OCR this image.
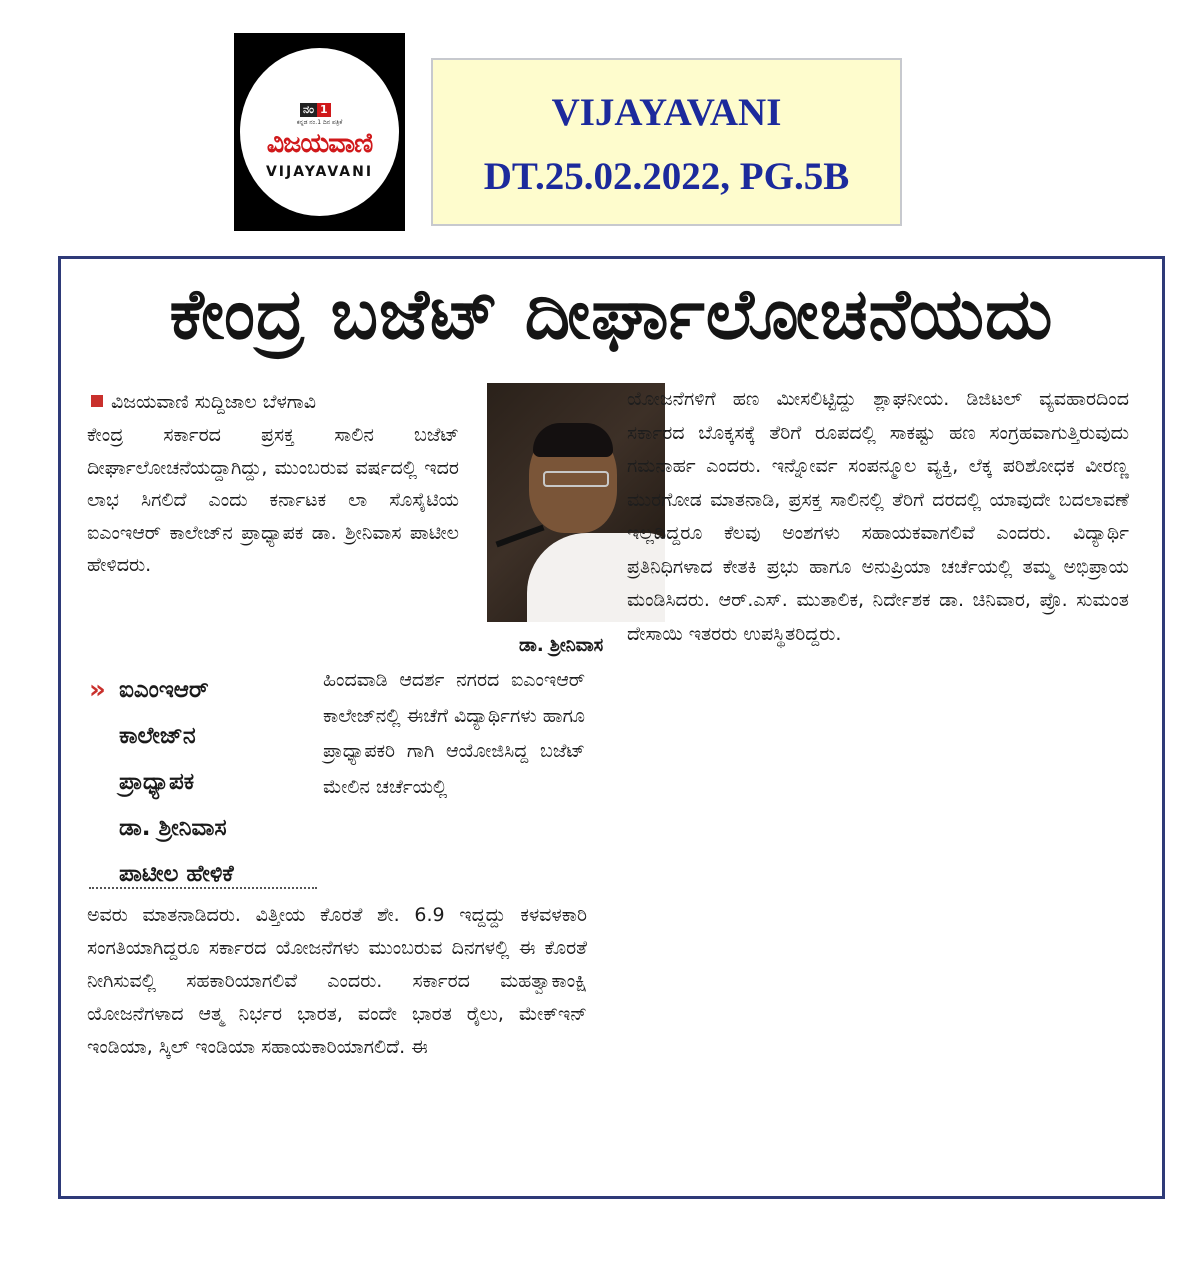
ನಂ 1
ಕನ್ನಡ ನಂ.1 ದಿನ ಪತ್ರಿಕೆ
ವಿಜಯವಾಣಿ
VIJAYAVANI
VIJAYAVANI
DT.25.02.2022, PG.5B
ಕೇಂದ್ರ ಬಜೆಟ್ ದೀರ್ಘಾಲೋಚನೆಯದು
ವಿಜಯವಾಣಿ ಸುದ್ದಿಜಾಲ ಬೆಳಗಾವಿ

ಕೇಂದ್ರ ಸರ್ಕಾರದ ಪ್ರಸಕ್ತ ಸಾಲಿನ ಬಜೆಟ್ ದೀರ್ಘಾಲೋಚನೆಯದ್ದಾಗಿದ್ದು, ಮುಂಬರುವ ವರ್ಷದಲ್ಲಿ ಇದರ ಲಾಭ ಸಿಗಲಿದೆ ಎಂದು ಕರ್ನಾಟಕ ಲಾ ಸೊಸೈಟಿಯ ಐಎಂಇಆರ್ ಕಾಲೇಜ್‌ನ ಪ್ರಾಧ್ಯಾಪಕ ಡಾ. ಶ್ರೀನಿವಾಸ ಪಾಟೀಲ ಹೇಳಿದರು.

ಡಾ. ಶ್ರೀನಿವಾಸ
» ಐಎಂಇಆರ್
ಕಾಲೇಜ್‌ನ
ಪ್ರಾಧ್ಯಾಪಕ
ಡಾ. ಶ್ರೀನಿವಾಸ
ಪಾಟೀಲ ಹೇಳಿಕೆ

ಹಿಂದವಾಡಿ ಆದರ್ಶ ನಗರದ ಐಎಂಇಆರ್ ಕಾಲೇಜ್‌ನಲ್ಲಿ ಈಚೆಗೆ ವಿದ್ಯಾರ್ಥಿಗಳು ಹಾಗೂ ಪ್ರಾಧ್ಯಾಪಕರಿ ಗಾಗಿ ಆಯೋಜಿಸಿದ್ದ ಬಜೆಟ್ ಮೇಲಿನ ಚರ್ಚೆಯಲ್ಲಿ

ಅವರು ಮಾತನಾಡಿದರು. ವಿತ್ತೀಯ ಕೊರತೆ ಶೇ. 6.9 ಇದ್ದದ್ದು ಕಳವಳಕಾರಿ ಸಂಗತಿಯಾಗಿದ್ದರೂ ಸರ್ಕಾರದ ಯೋಜನೆಗಳು ಮುಂಬರುವ ದಿನಗಳಲ್ಲಿ ಈ ಕೊರತೆ ನೀಗಿಸುವಲ್ಲಿ ಸಹಕಾರಿಯಾಗಲಿವೆ ಎಂದರು. ಸರ್ಕಾರದ ಮಹತ್ವಾಕಾಂಕ್ಷಿ ಯೋಜನೆಗಳಾದ ಆತ್ಮ ನಿರ್ಭರ ಭಾರತ, ವಂದೇ ಭಾರತ ರೈಲು, ಮೇಕ್‌ಇನ್ ಇಂಡಿಯಾ, ಸ್ಕಿಲ್ ಇಂಡಿಯಾ ಸಹಾಯಕಾರಿಯಾಗಲಿದೆ. ಈ

ಯೋಜನೆಗಳಿಗೆ ಹಣ ಮೀಸಲಿಟ್ಟಿದ್ದು ಶ್ಲಾಘನೀಯ. ಡಿಜಿಟಲ್ ವ್ಯವಹಾರದಿಂದ ಸರ್ಕಾರದ ಬೊಕ್ಕಸಕ್ಕೆ ತೆರಿಗೆ ರೂಪದಲ್ಲಿ ಸಾಕಷ್ಟು ಹಣ ಸಂಗ್ರಹವಾಗುತ್ತಿರುವುದು ಗಮನಾರ್ಹ ಎಂದರು. ಇನ್ನೋರ್ವ ಸಂಪನ್ಮೂಲ ವ್ಯಕ್ತಿ, ಲೆಕ್ಕ ಪರಿಶೋಧಕ ವೀರಣ್ಣ ಮುರಗೋಡ ಮಾತನಾಡಿ, ಪ್ರಸಕ್ತ ಸಾಲಿನಲ್ಲಿ ತೆರಿಗೆ ದರದಲ್ಲಿ ಯಾವುದೇ ಬದಲಾವಣೆ ಇಲ್ಲದಿದ್ದರೂ ಕೆಲವು ಅಂಶಗಳು ಸಹಾಯಕವಾಗಲಿವೆ ಎಂದರು. ವಿದ್ಯಾರ್ಥಿ ಪ್ರತಿನಿಧಿಗಳಾದ ಕೇತಕಿ ಪ್ರಭು ಹಾಗೂ ಅನುಪ್ರಿಯಾ ಚರ್ಚೆಯಲ್ಲಿ ತಮ್ಮ ಅಭಿಪ್ರಾಯ ಮಂಡಿಸಿದರು. ಆರ್.ಎಸ್. ಮುತಾಲಿಕ, ನಿರ್ದೇಶಕ ಡಾ. ಚಿನಿವಾರ, ಪ್ರೊ. ಸುಮಂತ ದೇಸಾಯಿ ಇತರರು ಉಪಸ್ಥಿತರಿದ್ದರು.
